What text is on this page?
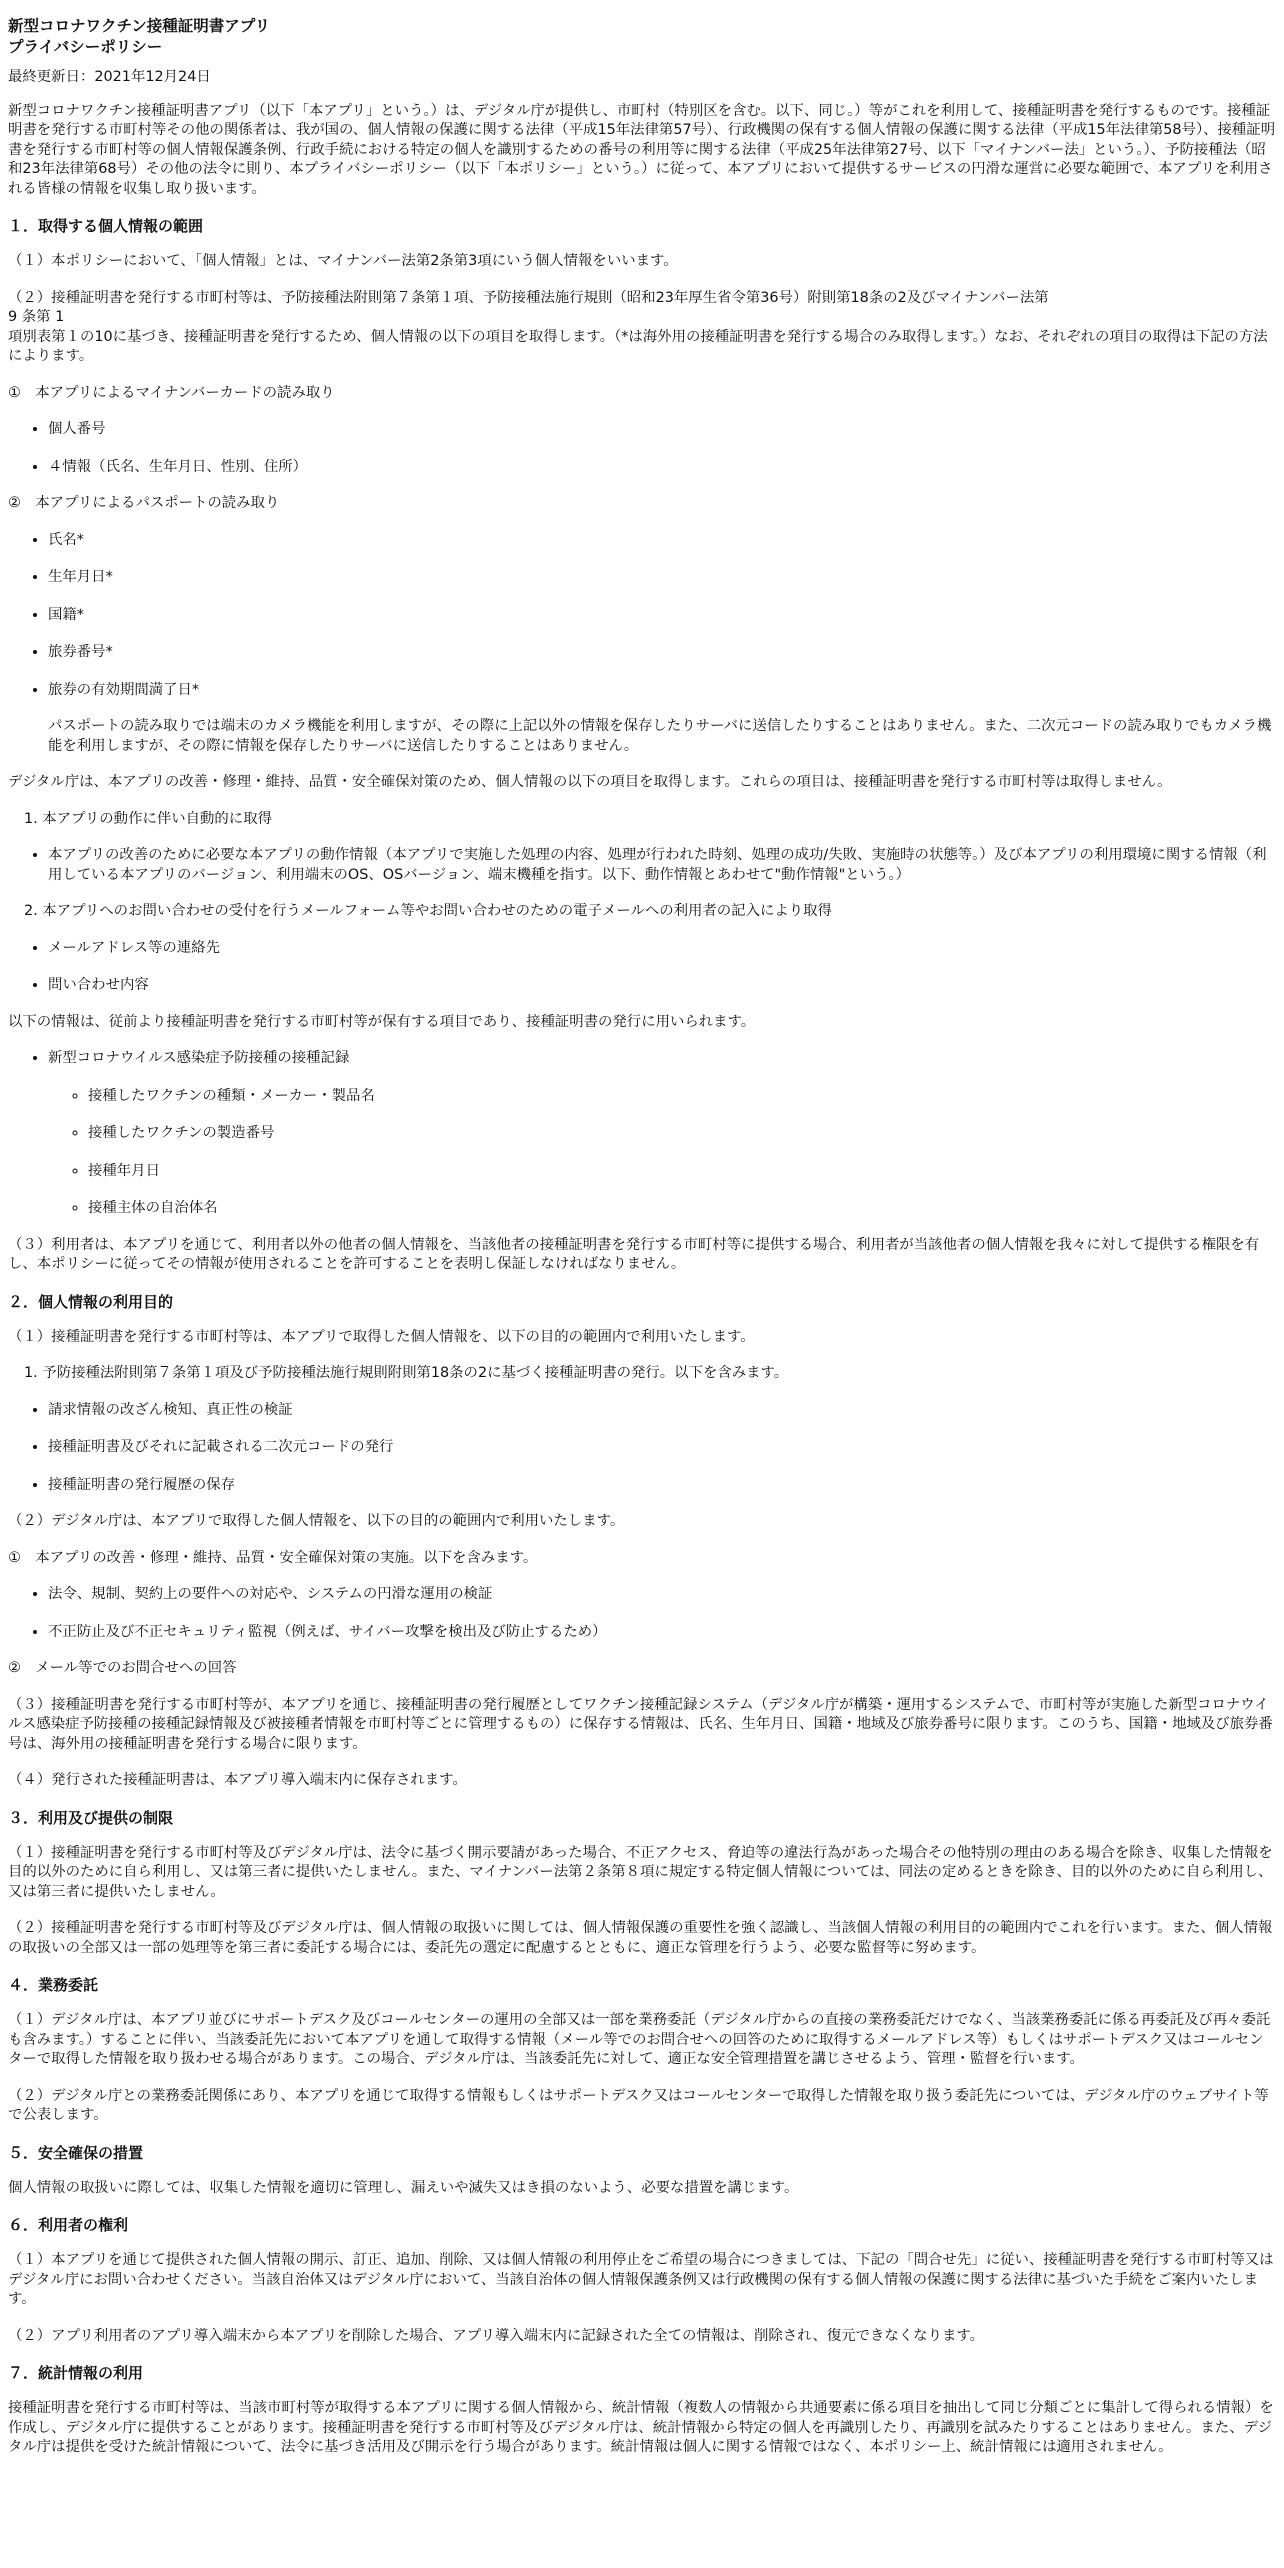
新型コロナワクチン接種証明書アプリ
プライバシーポリシー

最終更新日：2021年12月24日

新型コロナワクチン接種証明書アプリ（以下「本アプリ」という。）は、デジタル庁が提供し、市町村（特別区を含む。以下、同じ。）等がこれを利用して、接種証明書を発行するものです。接種証明書を発行する市町村等その他の関係者は、我が国の、個人情報の保護に関する法律（平成15年法律第57号）、行政機関の保有する個人情報の保護に関する法律（平成15年法律第58号）、接種証明書を発行する市町村等の個人情報保護条例、行政手続における特定の個人を識別するための番号の利用等に関する法律（平成25年法律第27号、以下「マイナンバー法」という。）、予防接種法（昭和23年法律第68号）その他の法令に則り、本プライバシーポリシー（以下「本ポリシー」という。）に従って、本アプリにおいて提供するサービスの円滑な運営に必要な範囲で、本アプリを利用される皆様の情報を収集し取り扱います。

１．取得する個人情報の範囲

（１）本ポリシーにおいて、「個人情報」とは、マイナンバー法第2条第3項にいう個人情報をいいます。

（２）接種証明書を発行する市町村等は、予防接種法附則第７条第１項、予防接種法施行規則（昭和23年厚生省令第36号）附則第18条の2及びマイナンバー法第
9 条第 1
項別表第１の10に基づき、接種証明書を発行するため、個人情報の以下の項目を取得します。（*は海外用の接種証明書を発行する場合のみ取得します。）なお、それぞれの項目の取得は下記の方法によります。

①　本アプリによるマイナンバーカードの読み取り

• 個人番号
• ４情報（氏名、生年月日、性別、住所）

②　本アプリによるパスポートの読み取り

• 氏名*
• 生年月日*
• 国籍*
• 旅券番号*
• 旅券の有効期間満了日*

パスポートの読み取りでは端末のカメラ機能を利用しますが、その際に上記以外の情報を保存したりサーバに送信したりすることはありません。また、二次元コードの読み取りでもカメラ機能を利用しますが、その際に情報を保存したりサーバに送信したりすることはありません。

デジタル庁は、本アプリの改善・修理・維持、品質・安全確保対策のため、個人情報の以下の項目を取得します。これらの項目は、接種証明書を発行する市町村等は取得しません。

1. 本アプリの動作に伴い自動的に取得

• 本アプリの改善のために必要な本アプリの動作情報（本アプリで実施した処理の内容、処理が行われた時刻、処理の成功/失敗、実施時の状態等。）及び本アプリの利用環境に関する情報（利用している本アプリのバージョン、利用端末のOS、OSバージョン、端末機種を指す。以下、動作情報とあわせて"動作情報"という。）

2. 本アプリへのお問い合わせの受付を行うメールフォーム等やお問い合わせのための電子メールへの利用者の記入により取得

• メールアドレス等の連絡先
• 問い合わせ内容

以下の情報は、従前より接種証明書を発行する市町村等が保有する項目であり、接種証明書の発行に用いられます。

• 新型コロナウイルス感染症予防接種の接種記録
◦ 接種したワクチンの種類・メーカー・製品名
◦ 接種したワクチンの製造番号
◦ 接種年月日
◦ 接種主体の自治体名

（３）利用者は、本アプリを通じて、利用者以外の他者の個人情報を、当該他者の接種証明書を発行する市町村等に提供する場合、利用者が当該他者の個人情報を我々に対して提供する権限を有し、本ポリシーに従ってその情報が使用されることを許可することを表明し保証しなければなりません。

２．個人情報の利用目的

（１）接種証明書を発行する市町村等は、本アプリで取得した個人情報を、以下の目的の範囲内で利用いたします。

1. 予防接種法附則第７条第１項及び予防接種法施行規則附則第18条の2に基づく接種証明書の発行。以下を含みます。

• 請求情報の改ざん検知、真正性の検証
• 接種証明書及びそれに記載される二次元コードの発行
• 接種証明書の発行履歴の保存

（２）デジタル庁は、本アプリで取得した個人情報を、以下の目的の範囲内で利用いたします。

①　本アプリの改善・修理・維持、品質・安全確保対策の実施。以下を含みます。

• 法令、規制、契約上の要件への対応や、システムの円滑な運用の検証
• 不正防止及び不正セキュリティ監視（例えば、サイバー攻撃を検出及び防止するため）

②　メール等でのお問合せへの回答

（３）接種証明書を発行する市町村等が、本アプリを通じ、接種証明書の発行履歴としてワクチン接種記録システム（デジタル庁が構築・運用するシステムで、市町村等が実施した新型コロナウイルス感染症予防接種の接種記録情報及び被接種者情報を市町村等ごとに管理するもの）に保存する情報は、氏名、生年月日、国籍・地域及び旅券番号に限ります。このうち、国籍・地域及び旅券番号は、海外用の接種証明書を発行する場合に限ります。

（４）発行された接種証明書は、本アプリ導入端末内に保存されます。

３．利用及び提供の制限

（１）接種証明書を発行する市町村等及びデジタル庁は、法令に基づく開示要請があった場合、不正アクセス、脅迫等の違法行為があった場合その他特別の理由のある場合を除き、収集した情報を目的以外のために自ら利用し、又は第三者に提供いたしません。また、マイナンバー法第２条第８項に規定する特定個人情報については、同法の定めるときを除き、目的以外のために自ら利用し、又は第三者に提供いたしません。

（２）接種証明書を発行する市町村等及びデジタル庁は、個人情報の取扱いに関しては、個人情報保護の重要性を強く認識し、当該個人情報の利用目的の範囲内でこれを行います。また、個人情報の取扱いの全部又は一部の処理等を第三者に委託する場合には、委託先の選定に配慮するとともに、適正な管理を行うよう、必要な監督等に努めます。

４．業務委託

（１）デジタル庁は、本アプリ並びにサポートデスク及びコールセンターの運用の全部又は一部を業務委託（デジタル庁からの直接の業務委託だけでなく、当該業務委託に係る再委託及び再々委託も含みます。）することに伴い、当該委託先において本アプリを通して取得する情報（メール等でのお問合せへの回答のために取得するメールアドレス等）もしくはサポートデスク又はコールセンターで取得した情報を取り扱わせる場合があります。この場合、デジタル庁は、当該委託先に対して、適正な安全管理措置を講じさせるよう、管理・監督を行います。

（２）デジタル庁との業務委託関係にあり、本アプリを通じて取得する情報もしくはサポートデスク又はコールセンターで取得した情報を取り扱う委託先については、デジタル庁のウェブサイト等で公表します。

５．安全確保の措置

個人情報の取扱いに際しては、収集した情報を適切に管理し、漏えいや滅失又はき損のないよう、必要な措置を講じます。

６．利用者の権利

（１）本アプリを通じて提供された個人情報の開示、訂正、追加、削除、又は個人情報の利用停止をご希望の場合につきましては、下記の「問合せ先」に従い、接種証明書を発行する市町村等又はデジタル庁にお問い合わせください。当該自治体又はデジタル庁において、当該自治体の個人情報保護条例又は行政機関の保有する個人情報の保護に関する法律に基づいた手続をご案内いたします。

（２）アプリ利用者のアプリ導入端末から本アプリを削除した場合、アプリ導入端末内に記録された全ての情報は、削除され、復元できなくなります。

７．統計情報の利用

接種証明書を発行する市町村等は、当該市町村等が取得する本アプリに関する個人情報から、統計情報（複数人の情報から共通要素に係る項目を抽出して同じ分類ごとに集計して得られる情報）を作成し、デジタル庁に提供することがあります。接種証明書を発行する市町村等及びデジタル庁は、統計情報から特定の個人を再識別したり、再識別を試みたりすることはありません。また、デジタル庁は提供を受けた統計情報について、法令に基づき活用及び開示を行う場合があります。統計情報は個人に関する情報ではなく、本ポリシー上、統計情報には適用されません。
